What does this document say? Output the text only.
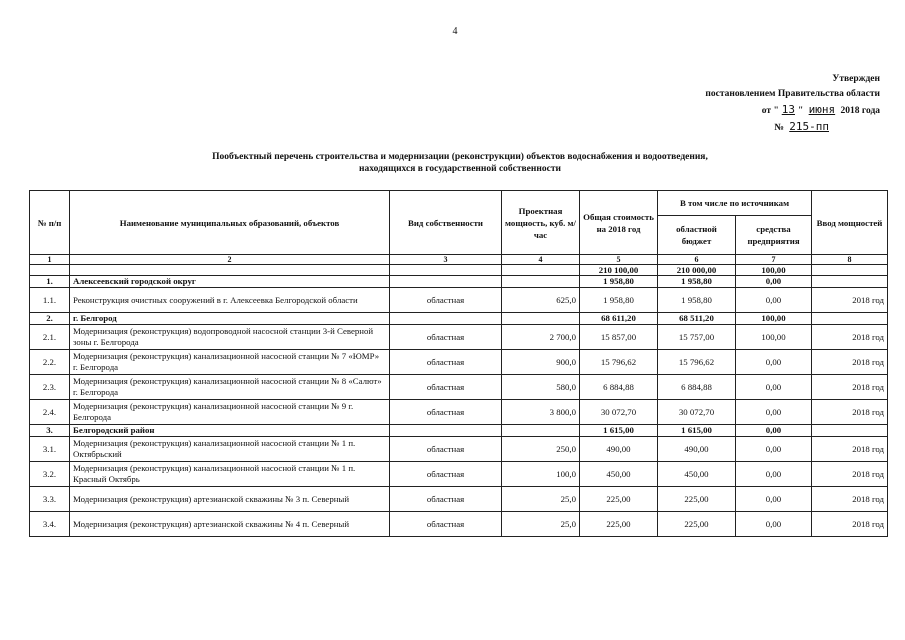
4
Утвержден
постановлением Правительства области
от " 13 " июня 2018 года
№ 215-пп
Пообъектный перечень строительства и модернизации (реконструкции) объектов водоснабжения и водоотведения,
находящихся в государственной собственности
№ п/п	Наименование муниципальных образований, объектов	Вид собственности	Проектная мощность, куб. м/час	Общая стоимость на 2018 год	В том числе по источникам		Ввод мощностей
					областной бюджет	средства предприятия	
1	2	3	4	5	6	7	8
				210 100,00	210 000,00	100,00	
1.	Алексеевский городской округ			1 958,80	1 958,80	0,00	
1.1.	Реконструкция очистных сооружений в г. Алексеевка Белгородской области	областная	625,0	1 958,80	1 958,80	0,00	2018 год
2.	г. Белгород			68 611,20	68 511,20	100,00	
2.1.	Модернизация (реконструкция) водопроводной насосной станции 3-й Северной зоны г. Белгорода	областная	2 700,0	15 857,00	15 757,00	100,00	2018 год
2.2.	Модернизация (реконструкция) канализационной насосной станции № 7 «ЮМР» г. Белгорода	областная	900,0	15 796,62	15 796,62	0,00	2018 год
2.3.	Модернизация (реконструкция) канализационной насосной станции № 8 «Салют» г. Белгорода	областная	580,0	6 884,88	6 884,88	0,00	2018 год
2.4.	Модернизация (реконструкция) канализационной насосной станции № 9 г. Белгорода	областная	3 800,0	30 072,70	30 072,70	0,00	2018 год
3.	Белгородский район			1 615,00	1 615,00	0,00	
3.1.	Модернизация (реконструкция) канализационной насосной станции № 1 п. Октябрьский	областная	250,0	490,00	490,00	0,00	2018 год
3.2.	Модернизация (реконструкция) канализационной насосной станции № 1 п. Красный Октябрь	областная	100,0	450,00	450,00	0,00	2018 год
3.3.	Модернизация (реконструкция) артезианской скважины № 3 п. Северный	областная	25,0	225,00	225,00	0,00	2018 год
3.4.	Модернизация (реконструкция) артезианской скважины № 4 п. Северный	областная	25,0	225,00	225,00	0,00	2018 год
